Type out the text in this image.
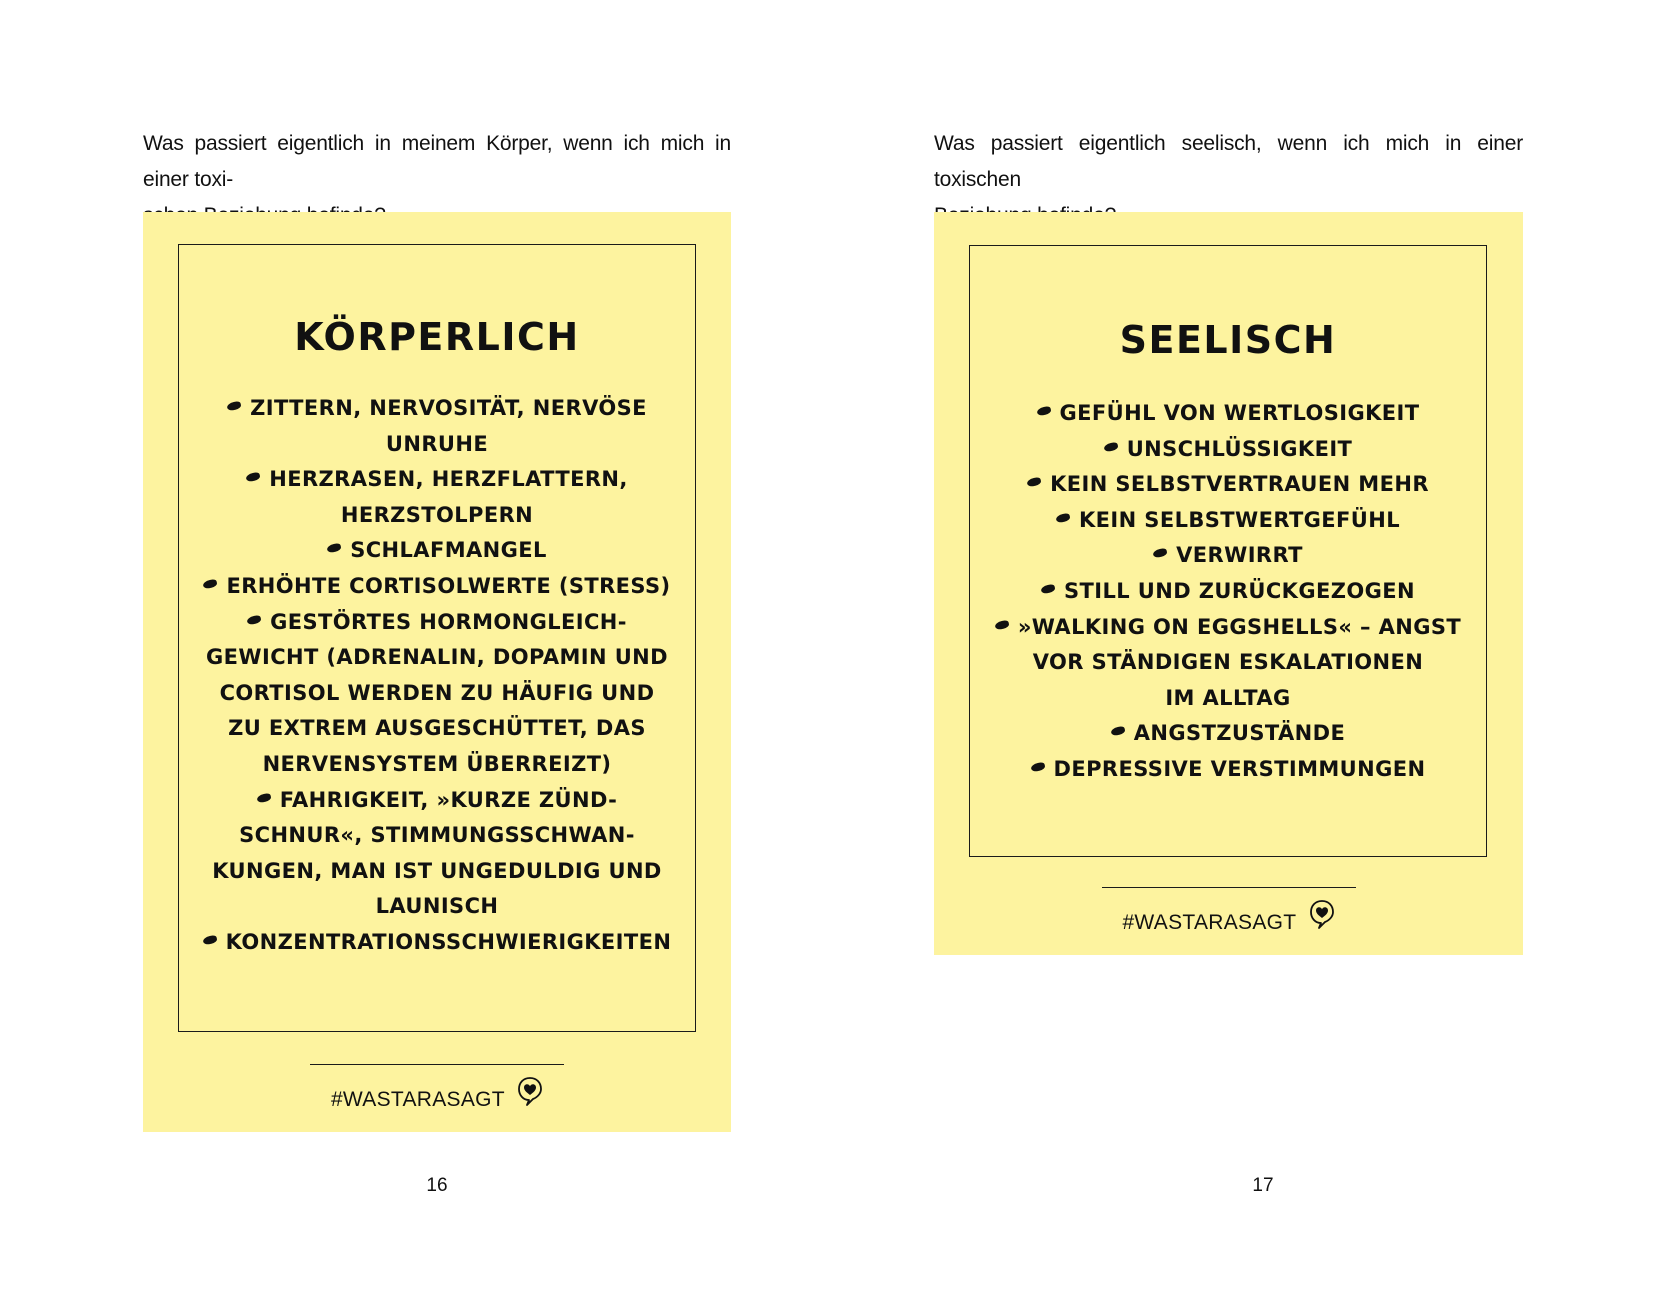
Was passiert eigentlich in meinem Körper, wenn ich mich in einer toxi-

KÖRPERLICH
ZITTERN, NERVOSITÄT, NERVÖSE
UNRUHE
HERZRASEN, HERZFLATTERN,
HERZSTOLPERN
SCHLAFMANGEL
ERHÖHTE CORTISOLWERTE (STRESS)
GESTÖRTES HORMONGLEICH-
GEWICHT (ADRENALIN, DOPAMIN UND
CORTISOL WERDEN ZU HÄUFIG UND
ZU EXTREM AUSGESCHÜTTET, DAS
NERVENSYSTEM ÜBERREIZT)
FAHRIGKEIT, »KURZE ZÜND-
SCHNUR«, STIMMUNGSSCHWAN-
KUNGEN, MAN IST UNGEDULDIG UND
LAUNISCH
KONZENTRATIONSSCHWIERIGKEITEN
#WASTARASAGT
16

Was passiert eigentlich seelisch, wenn ich mich in einer toxischen

SEELISCH
GEFÜHL VON WERTLOSIGKEIT
UNSCHLÜSSIGKEIT
KEIN SELBSTVERTRAUEN MEHR
KEIN SELBSTWERTGEFÜHL
VERWIRRT
STILL UND ZURÜCKGEZOGEN
»WALKING ON EGGSHELLS« – ANGST
VOR STÄNDIGEN ESKALATIONEN
IM ALLTAG
ANGSTZUSTÄNDE
DEPRESSIVE VERSTIMMUNGEN
#WASTARASAGT
17
